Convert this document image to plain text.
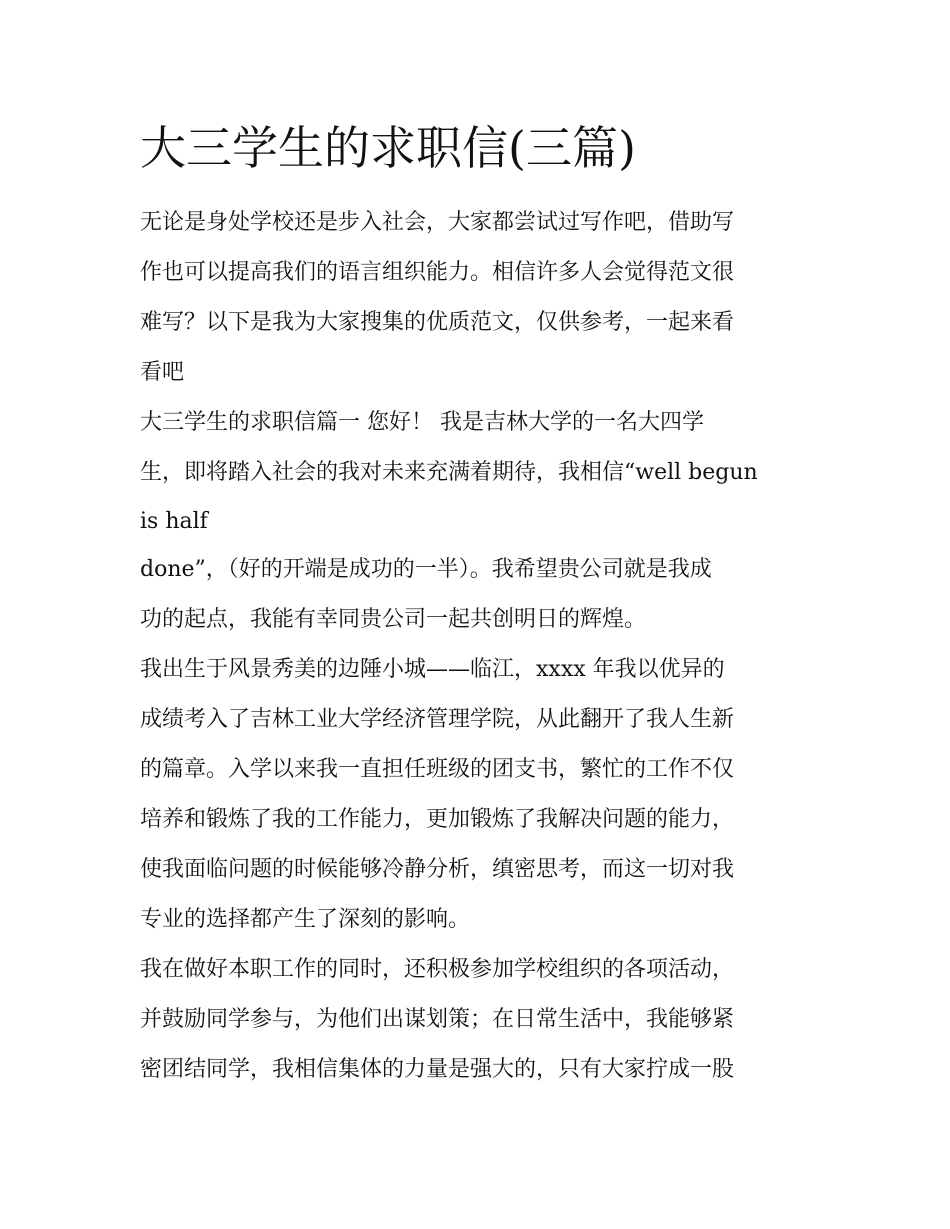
大三学生的求职信(三篇)
无论是身处学校还是步入社会，大家都尝试过写作吧，借助写
作也可以提高我们的语言组织能力。相信许多人会觉得范文很
难写？以下是我为大家搜集的优质范文，仅供参考，一起来看
看吧
大三学生的求职信篇一 您好！ 我是吉林大学的一名大四学
生，即将踏入社会的我对未来充满着期待，我相信“well begun
is half
done”，（好的开端是成功的一半）。我希望贵公司就是我成
功的起点，我能有幸同贵公司一起共创明日的辉煌。
我出生于风景秀美的边陲小城——临江，xxxx 年我以优异的
成绩考入了吉林工业大学经济管理学院，从此翻开了我人生新
的篇章。入学以来我一直担任班级的团支书，繁忙的工作不仅
培养和锻炼了我的工作能力，更加锻炼了我解决问题的能力，
使我面临问题的时候能够冷静分析，缜密思考，而这一切对我
专业的选择都产生了深刻的影响。
我在做好本职工作的同时，还积极参加学校组织的各项活动，
并鼓励同学参与，为他们出谋划策；在日常生活中，我能够紧
密团结同学，我相信集体的力量是强大的，只有大家拧成一股
